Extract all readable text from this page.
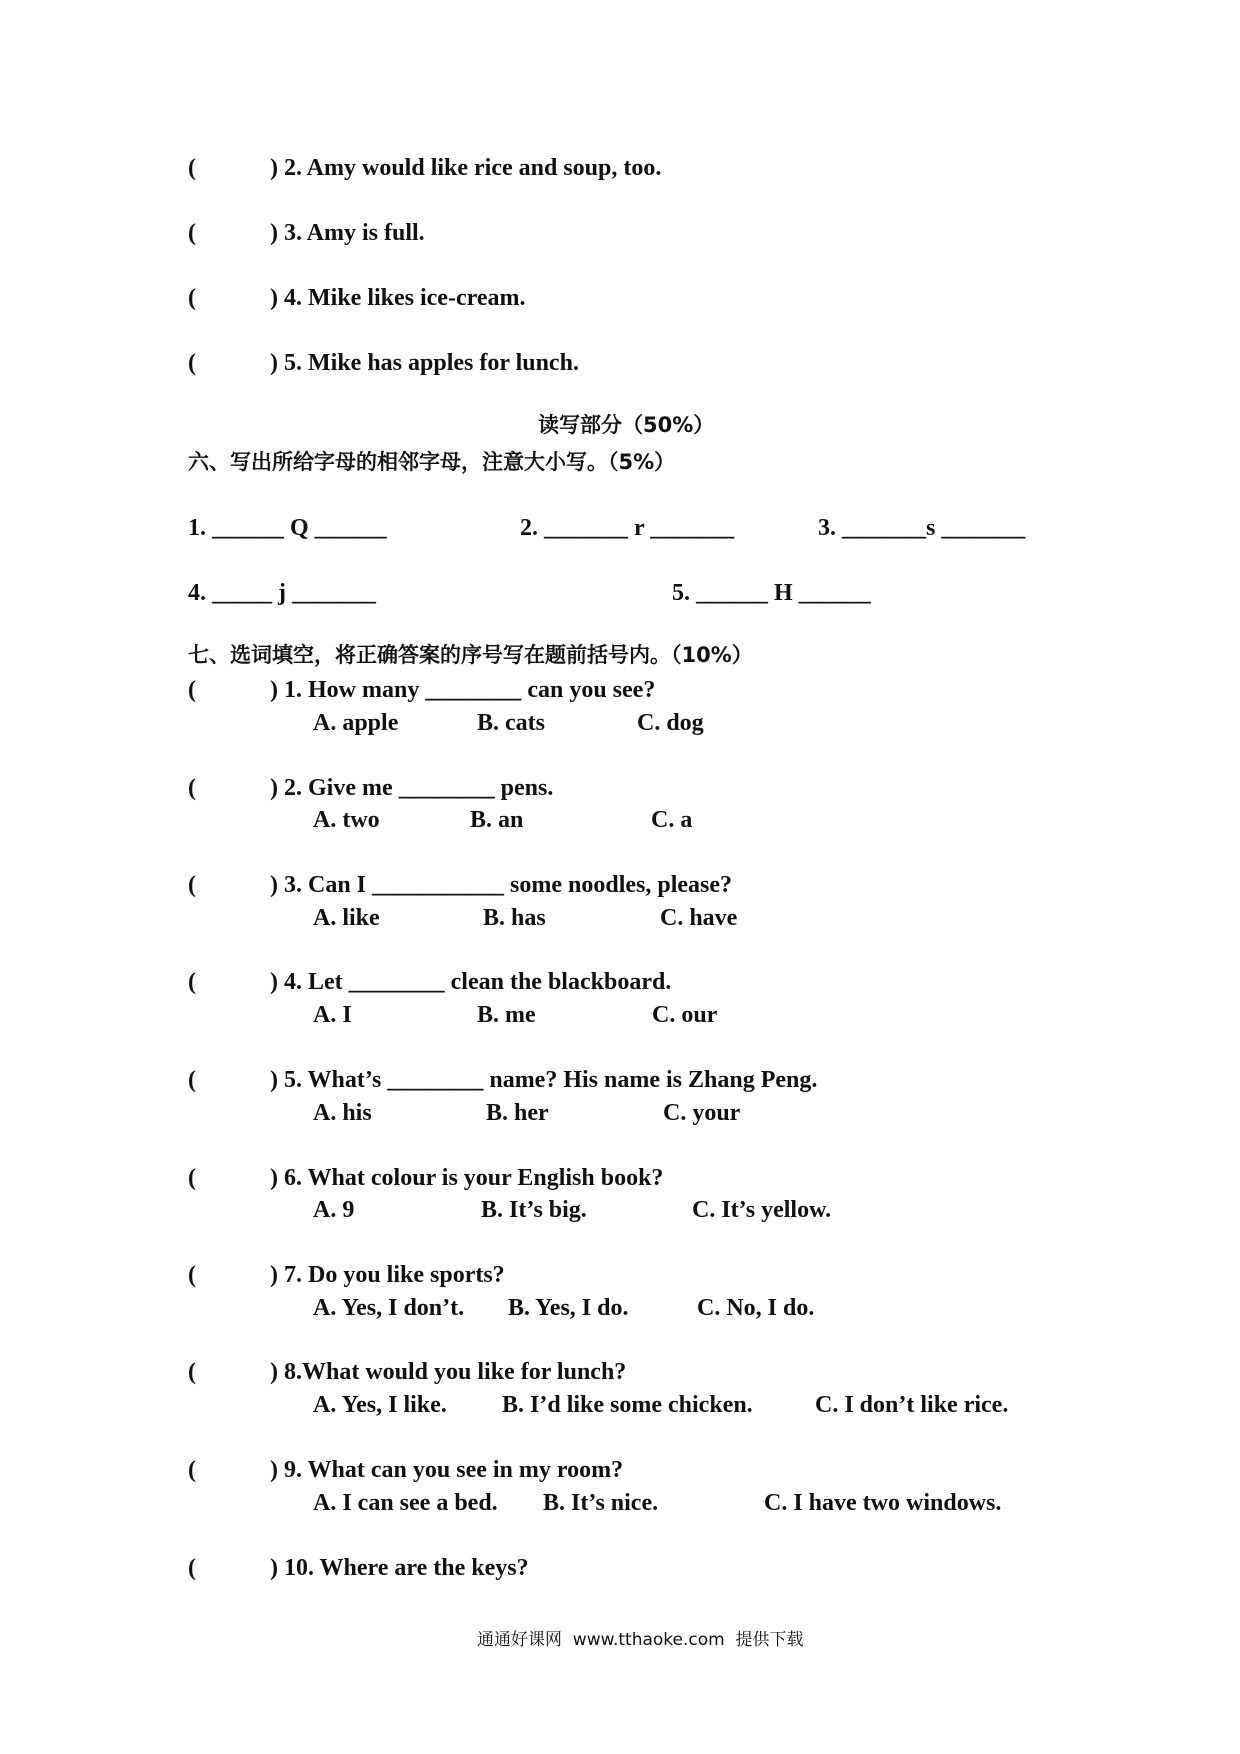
(	) 2. Amy would like rice and soup, too.
(	) 3. Amy is full.
(	) 4. Mike likes ice-cream.
(	) 5. Mike has apples for lunch.
读写部分（50%）
六、写出所给字母的相邻字母，注意大小写。（5%）
1. ______ Q ______	2. _______ r _______	3. _______s _______
4. _____ j _______	5. ______ H ______
七、选词填空，将正确答案的序号写在题前括号内。（10%）
(	) 1. How many ________ can you see?
A. apple	B. cats	C. dog
(	) 2. Give me ________ pens.
A. two	B. an	C. a
(	) 3. Can I ___________ some noodles, please?
A. like	B. has	C. have
(	) 4. Let ________ clean the blackboard.
A. I	B. me	C. our
(	) 5. What’s ________ name? His name is Zhang Peng.
A. his	B. her	C. your
(	) 6. What colour is your English book?
A. 9	B. It’s big.	C. It’s yellow.
(	) 7. Do you like sports?
A. Yes, I don’t. B. Yes, I do.	C. No, I do.
(	) 8.What would you like for lunch?
A. Yes, I like. B. I’d like some chicken.	C. I don’t like rice.
(	) 9. What can you see in my room?
A. I can see a bed. B. It’s nice.	C. I have two windows.
(	) 10. Where are the keys?
通通好课网  www.tthaoke.com  提供下载
